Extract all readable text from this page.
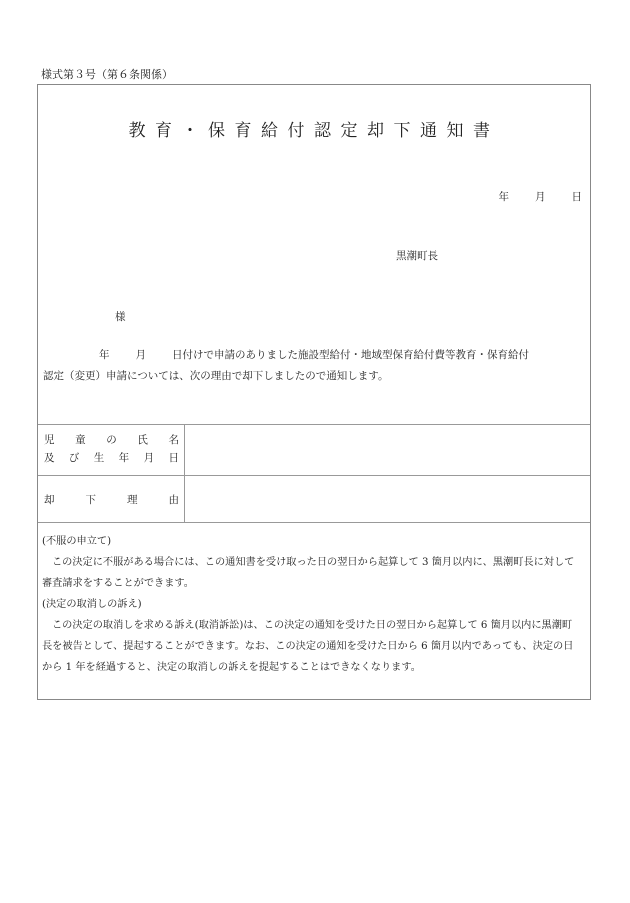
様式第３号（第６条関係）
教育・保育給付認定却下通知書
年 月 日
黒潮町長
様
年 月 日付けで申請のありました施設型給付・地域型保育給付費等教育・保育給付
認定（変更）申請については、次の理由で却下しましたので通知します。
児 童 の 氏 名
及 び 生 年 月 日
却	下	理	由

(不服の申立て)

この決定に不服がある場合には、この通知書を受け取った日の翌日から起算して 3 箇月以内に、黒潮町長に対して審査請求をすることができます。

(決定の取消しの訴え)

この決定の取消しを求める訴え(取消訴訟)は、この決定の通知を受けた日の翌日から起算して 6 箇月以内に黒潮町長を被告として、提起することができます。なお、この決定の通知を受けた日から 6 箇月以内であっても、決定の日から 1 年を経過すると、決定の取消しの訴えを提起することはできなくなります。
